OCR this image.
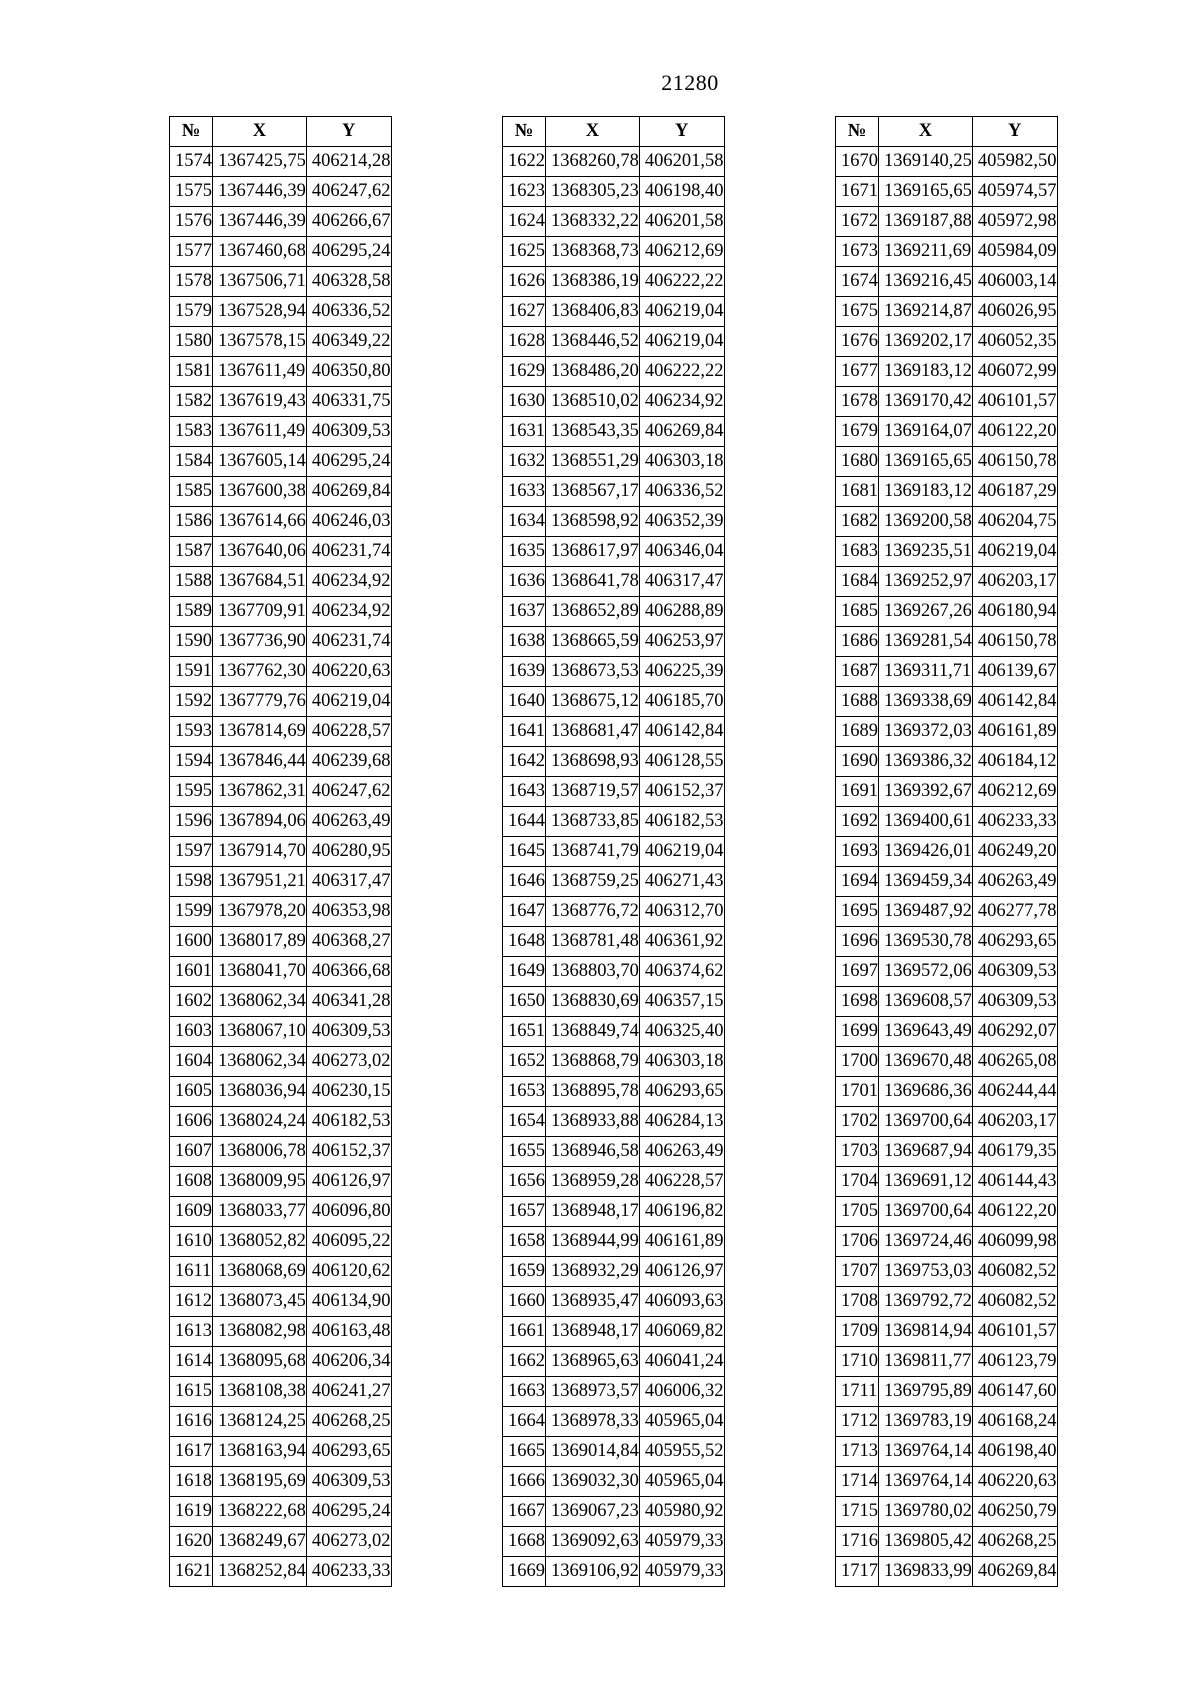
21280
№	X	Y
1574	1367425,75	406214,28
1575	1367446,39	406247,62
1576	1367446,39	406266,67
1577	1367460,68	406295,24
1578	1367506,71	406328,58
1579	1367528,94	406336,52
1580	1367578,15	406349,22
1581	1367611,49	406350,80
1582	1367619,43	406331,75
1583	1367611,49	406309,53
1584	1367605,14	406295,24
1585	1367600,38	406269,84
1586	1367614,66	406246,03
1587	1367640,06	406231,74
1588	1367684,51	406234,92
1589	1367709,91	406234,92
1590	1367736,90	406231,74
1591	1367762,30	406220,63
1592	1367779,76	406219,04
1593	1367814,69	406228,57
1594	1367846,44	406239,68
1595	1367862,31	406247,62
1596	1367894,06	406263,49
1597	1367914,70	406280,95
1598	1367951,21	406317,47
1599	1367978,20	406353,98
1600	1368017,89	406368,27
1601	1368041,70	406366,68
1602	1368062,34	406341,28
1603	1368067,10	406309,53
1604	1368062,34	406273,02
1605	1368036,94	406230,15
1606	1368024,24	406182,53
1607	1368006,78	406152,37
1608	1368009,95	406126,97
1609	1368033,77	406096,80
1610	1368052,82	406095,22
1611	1368068,69	406120,62
1612	1368073,45	406134,90
1613	1368082,98	406163,48
1614	1368095,68	406206,34
1615	1368108,38	406241,27
1616	1368124,25	406268,25
1617	1368163,94	406293,65
1618	1368195,69	406309,53
1619	1368222,68	406295,24
1620	1368249,67	406273,02
1621	1368252,84	406233,33
№	X	Y
1622	1368260,78	406201,58
1623	1368305,23	406198,40
1624	1368332,22	406201,58
1625	1368368,73	406212,69
1626	1368386,19	406222,22
1627	1368406,83	406219,04
1628	1368446,52	406219,04
1629	1368486,20	406222,22
1630	1368510,02	406234,92
1631	1368543,35	406269,84
1632	1368551,29	406303,18
1633	1368567,17	406336,52
1634	1368598,92	406352,39
1635	1368617,97	406346,04
1636	1368641,78	406317,47
1637	1368652,89	406288,89
1638	1368665,59	406253,97
1639	1368673,53	406225,39
1640	1368675,12	406185,70
1641	1368681,47	406142,84
1642	1368698,93	406128,55
1643	1368719,57	406152,37
1644	1368733,85	406182,53
1645	1368741,79	406219,04
1646	1368759,25	406271,43
1647	1368776,72	406312,70
1648	1368781,48	406361,92
1649	1368803,70	406374,62
1650	1368830,69	406357,15
1651	1368849,74	406325,40
1652	1368868,79	406303,18
1653	1368895,78	406293,65
1654	1368933,88	406284,13
1655	1368946,58	406263,49
1656	1368959,28	406228,57
1657	1368948,17	406196,82
1658	1368944,99	406161,89
1659	1368932,29	406126,97
1660	1368935,47	406093,63
1661	1368948,17	406069,82
1662	1368965,63	406041,24
1663	1368973,57	406006,32
1664	1368978,33	405965,04
1665	1369014,84	405955,52
1666	1369032,30	405965,04
1667	1369067,23	405980,92
1668	1369092,63	405979,33
1669	1369106,92	405979,33
№	X	Y
1670	1369140,25	405982,50
1671	1369165,65	405974,57
1672	1369187,88	405972,98
1673	1369211,69	405984,09
1674	1369216,45	406003,14
1675	1369214,87	406026,95
1676	1369202,17	406052,35
1677	1369183,12	406072,99
1678	1369170,42	406101,57
1679	1369164,07	406122,20
1680	1369165,65	406150,78
1681	1369183,12	406187,29
1682	1369200,58	406204,75
1683	1369235,51	406219,04
1684	1369252,97	406203,17
1685	1369267,26	406180,94
1686	1369281,54	406150,78
1687	1369311,71	406139,67
1688	1369338,69	406142,84
1689	1369372,03	406161,89
1690	1369386,32	406184,12
1691	1369392,67	406212,69
1692	1369400,61	406233,33
1693	1369426,01	406249,20
1694	1369459,34	406263,49
1695	1369487,92	406277,78
1696	1369530,78	406293,65
1697	1369572,06	406309,53
1698	1369608,57	406309,53
1699	1369643,49	406292,07
1700	1369670,48	406265,08
1701	1369686,36	406244,44
1702	1369700,64	406203,17
1703	1369687,94	406179,35
1704	1369691,12	406144,43
1705	1369700,64	406122,20
1706	1369724,46	406099,98
1707	1369753,03	406082,52
1708	1369792,72	406082,52
1709	1369814,94	406101,57
1710	1369811,77	406123,79
1711	1369795,89	406147,60
1712	1369783,19	406168,24
1713	1369764,14	406198,40
1714	1369764,14	406220,63
1715	1369780,02	406250,79
1716	1369805,42	406268,25
1717	1369833,99	406269,84
